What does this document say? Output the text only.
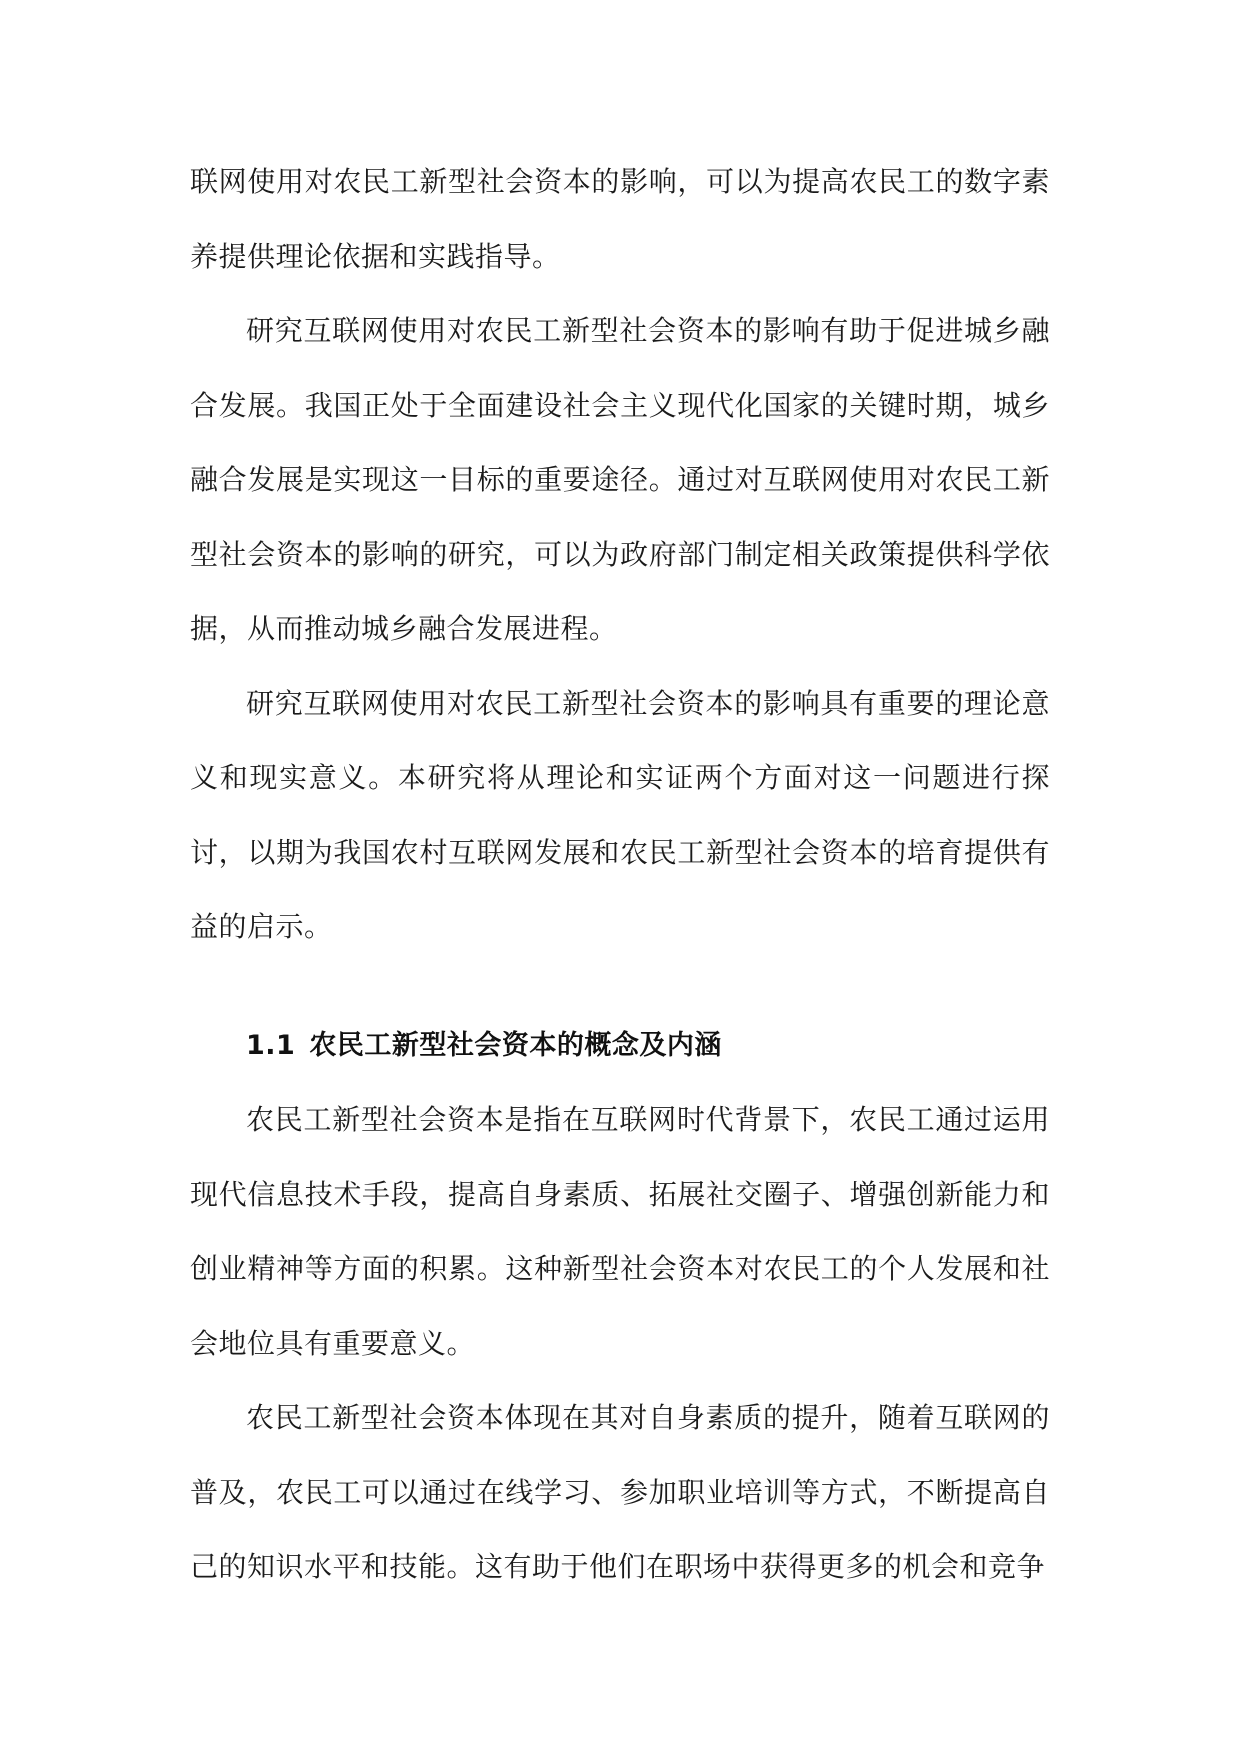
联网使用对农民工新型社会资本的影响，可以为提高农民工的数字素养提供理论依据和实践指导。

研究互联网使用对农民工新型社会资本的影响有助于促进城乡融合发展。我国正处于全面建设社会主义现代化国家的关键时期，城乡融合发展是实现这一目标的重要途径。通过对互联网使用对农民工新型社会资本的影响的研究，可以为政府部门制定相关政策提供科学依据，从而推动城乡融合发展进程。

研究互联网使用对农民工新型社会资本的影响具有重要的理论意义和现实意义。本研究将从理论和实证两个方面对这一问题进行探讨，以期为我国农村互联网发展和农民工新型社会资本的培育提供有益的启示。

1.1 农民工新型社会资本的概念及内涵

农民工新型社会资本是指在互联网时代背景下，农民工通过运用现代信息技术手段，提高自身素质、拓展社交圈子、增强创新能力和创业精神等方面的积累。这种新型社会资本对农民工的个人发展和社会地位具有重要意义。

农民工新型社会资本体现在其对自身素质的提升，随着互联网的普及，农民工可以通过在线学习、参加职业培训等方式，不断提高自己的知识水平和技能。这有助于他们在职场中获得更多的机会和竞争
